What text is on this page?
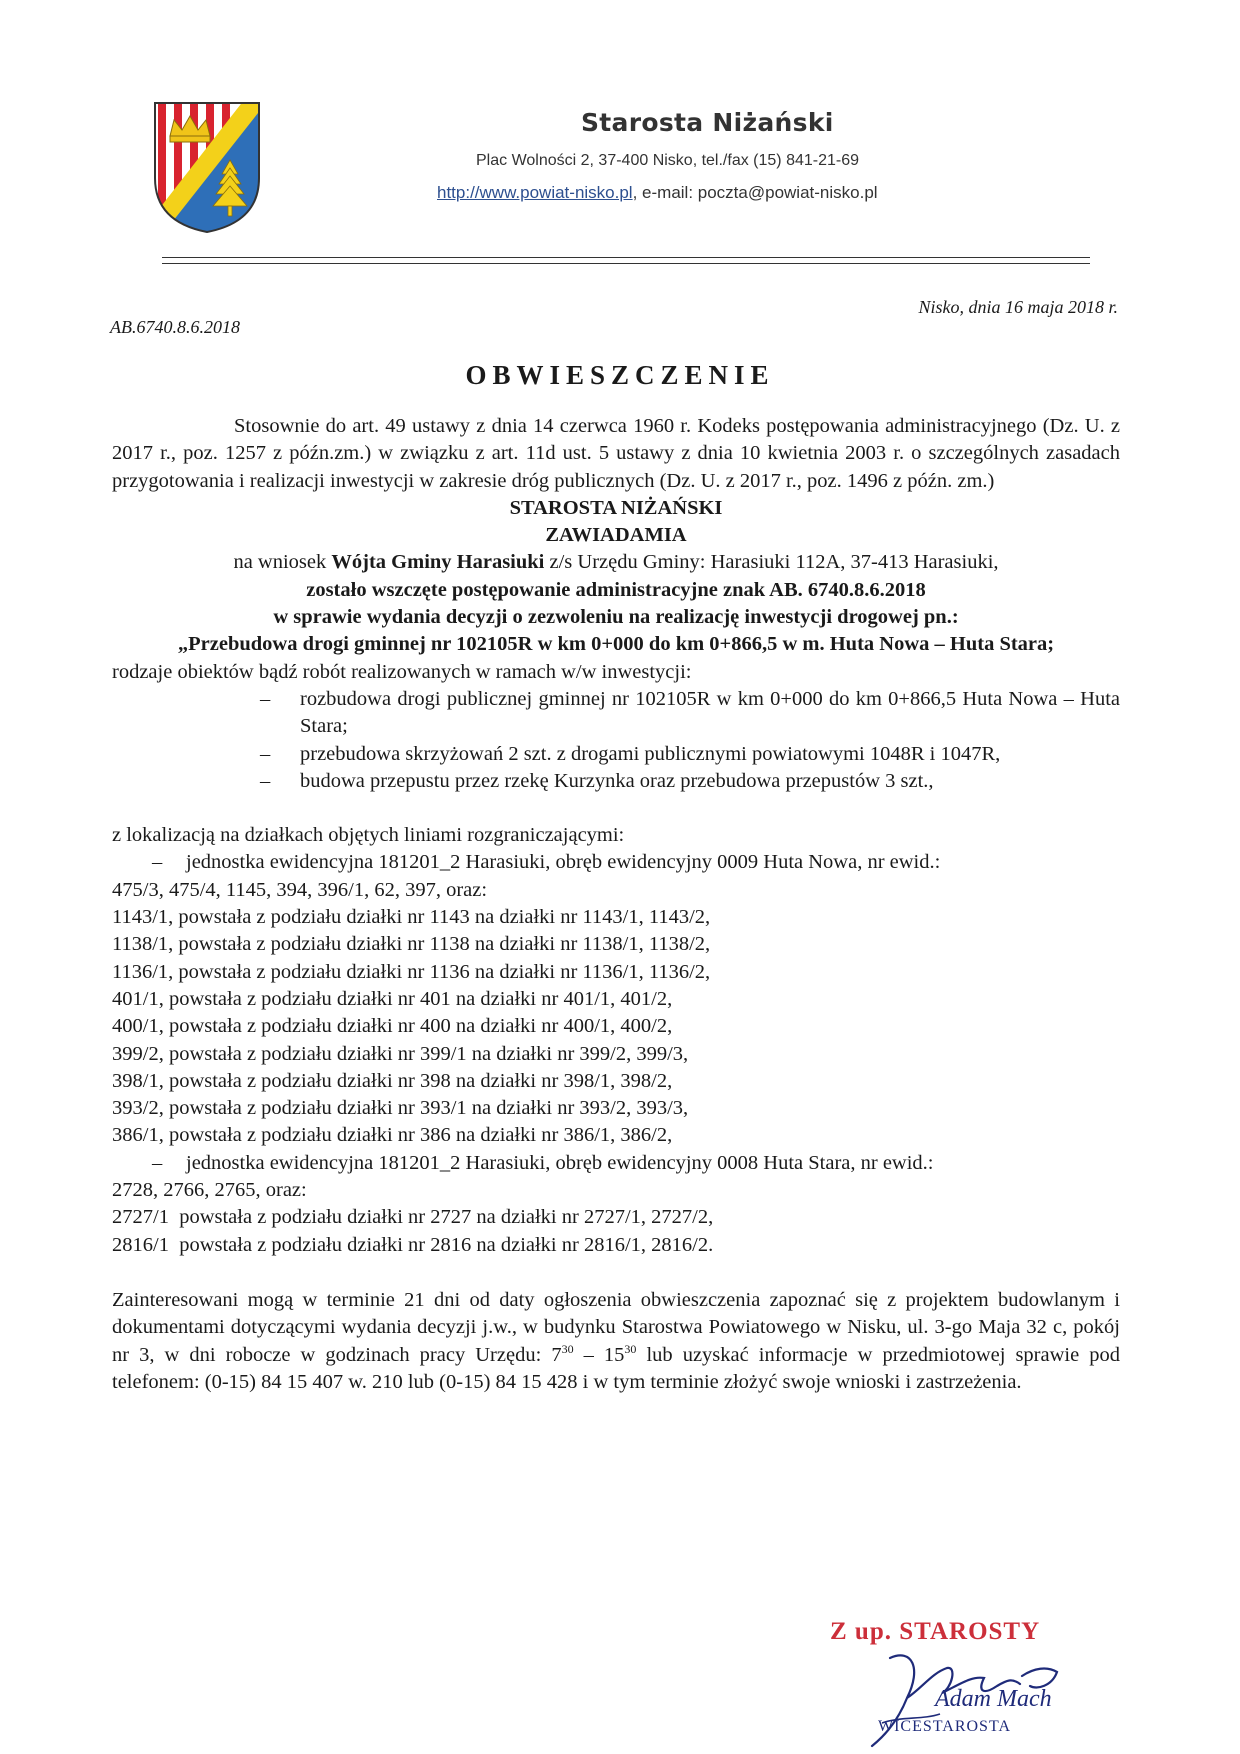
Starosta Niżański
Plac Wolności 2, 37-400 Nisko, tel./fax (15) 841-21-69
http://www.powiat-nisko.pl, e-mail: poczta@powiat-nisko.pl
Nisko, dnia 16 maja 2018 r.
AB.6740.8.6.2018
OBWIESZCZENIE

Stosownie do art. 49 ustawy z dnia 14 czerwca 1960 r. Kodeks postępowania administracyjnego (Dz. U. z 2017 r., poz. 1257 z późn.zm.) w związku z art. 11d ust. 5 ustawy z dnia 10 kwietnia 2003 r. o szczególnych zasadach przygotowania i realizacji inwestycji w zakresie dróg publicznych (Dz. U. z 2017 r., poz. 1496 z późn. zm.)

STAROSTA NIŻAŃSKI

ZAWIADAMIA

na wniosek Wójta Gminy Harasiuki z/s Urzędu Gminy: Harasiuki 112A, 37-413 Harasiuki,

zostało wszczęte postępowanie administracyjne znak AB. 6740.8.6.2018

w sprawie wydania decyzji o zezwoleniu na realizację inwestycji drogowej pn.:

„Przebudowa drogi gminnej nr 102105R w km 0+000 do km 0+866,5 w m. Huta Nowa – Huta Stara;

rodzaje obiektów bądź robót realizowanych w ramach w/w inwestycji:

– rozbudowa drogi publicznej gminnej nr 102105R w km 0+000 do km 0+866,5 Huta Nowa – Huta Stara;
– przebudowa skrzyżowań 2 szt. z drogami publicznymi powiatowymi 1048R i 1047R,
– budowa przepustu przez rzekę Kurzynka oraz przebudowa przepustów 3 szt.,

z lokalizacją na działkach objętych liniami rozgraniczającymi:

– jednostka ewidencyjna 181201_2 Harasiuki, obręb ewidencyjny 0009 Huta Nowa, nr ewid.:

475/3, 475/4, 1145, 394, 396/1, 62, 397, oraz:

1143/1, powstała z podziału działki nr 1143 na działki nr 1143/1, 1143/2,

1138/1, powstała z podziału działki nr 1138 na działki nr 1138/1, 1138/2,

1136/1, powstała z podziału działki nr 1136 na działki nr 1136/1, 1136/2,

401/1, powstała z podziału działki nr 401 na działki nr 401/1, 401/2,

400/1, powstała z podziału działki nr 400 na działki nr 400/1, 400/2,

399/2, powstała z podziału działki nr 399/1 na działki nr 399/2, 399/3,

398/1, powstała z podziału działki nr 398 na działki nr 398/1, 398/2,

393/2, powstała z podziału działki nr 393/1 na działki nr 393/2, 393/3,

386/1, powstała z podziału działki nr 386 na działki nr 386/1, 386/2,

– jednostka ewidencyjna 181201_2 Harasiuki, obręb ewidencyjny 0008 Huta Stara, nr ewid.:

2728, 2766, 2765, oraz:

2727/1  powstała z podziału działki nr 2727 na działki nr 2727/1, 2727/2,

2816/1  powstała z podziału działki nr 2816 na działki nr 2816/1, 2816/2.

Zainteresowani mogą w terminie 21 dni od daty ogłoszenia obwieszczenia zapoznać się z projektem budowlanym i dokumentami dotyczącymi wydania decyzji j.w., w budynku Starostwa Powiatowego w Nisku, ul. 3-go Maja 32 c, pokój nr 3, w dni robocze w godzinach pracy Urzędu: $7^{30} - 15^{30}$ lub uzyskać informacje w przedmiotowej sprawie pod telefonem: (0-15) 84 15 407 w. 210 lub (0-15) 84 15 428 i w tym terminie złożyć swoje wnioski i zastrzeżenia.

Z up. STAROSTY
Adam Mach
WICESTAROSTA
